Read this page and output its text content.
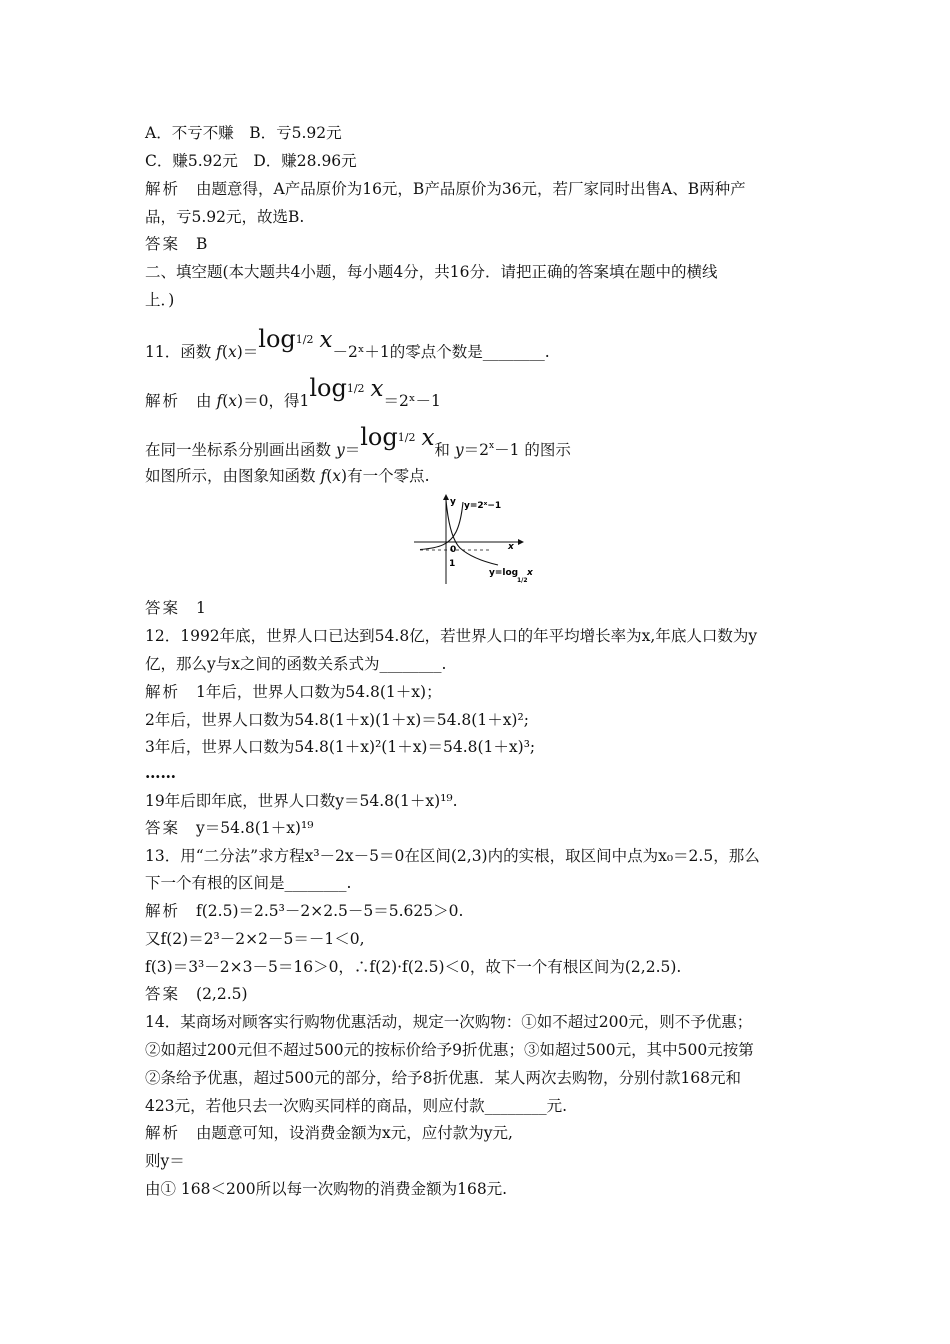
A．不亏不赚　B．亏5.92元
C．赚5.92元　D．赚28.96元
解析 由题意得，A产品原价为16元，B产品原价为36元，若厂家同时出售A、B两种产
品，亏5.92元，故选B.
答案 B
二、填空题(本大题共4小题，每小题4分，共16分．请把正确的答案填在题中的横线
上．)
11．函数 $f(x)=\log^{1/2}$ x－2ˣ＋1的零点个数是________.
解析 由 f(x)＝0，得$1\log^{1/2}$ x＝2ˣ－1
在同一坐标系分别画出函数 $y=\log^{1/2}$ x和 $y=2^x-1$ 的图示
如图所示，由图象知函数 f(x)有一个零点.
y
x
0
1
y=2ˣ−1
y=log
1/2
x
答案 1
12．1992年底，世界人口已达到54.8亿，若世界人口的年平均增长率为x,年底人口数为y
亿，那么y与x之间的函数关系式为________.
解析 1年后，世界人口数为54.8(1＋x)；
2年后，世界人口数为54.8(1＋x)(1＋x)＝54.8(1＋x)²;
3年后，世界人口数为54.8(1＋x)²(1＋x)＝54.8(1＋x)³;
……
19年后即年底，世界人口数y＝54.8(1＋x)¹⁹.
答案 y＝54.8(1＋x)¹⁹
13．用“二分法”求方程x³－2x－5＝0在区间(2,3)内的实根，取区间中点为x₀＝2.5，那么
下一个有根的区间是________.
解析 f(2.5)＝2.5³－2×2.5－5＝5.625＞0.
又f(2)＝2³－2×2－5＝－1＜0,
f(3)＝3³－2×3－5＝16＞0，∴f(2)·f(2.5)＜0，故下一个有根区间为(2,2.5).
答案 (2,2.5)
14．某商场对顾客实行购物优惠活动，规定一次购物：①如不超过200元，则不予优惠；
②如超过200元但不超过500元的按标价给予9折优惠；③如超过500元，其中500元按第
②条给予优惠，超过500元的部分，给予8折优惠．某人两次去购物，分别付款168元和
423元，若他只去一次购买同样的商品，则应付款________元.
解析 由题意可知，设消费金额为x元，应付款为y元,
则y＝
由① 168＜200所以每一次购物的消费金额为168元.
